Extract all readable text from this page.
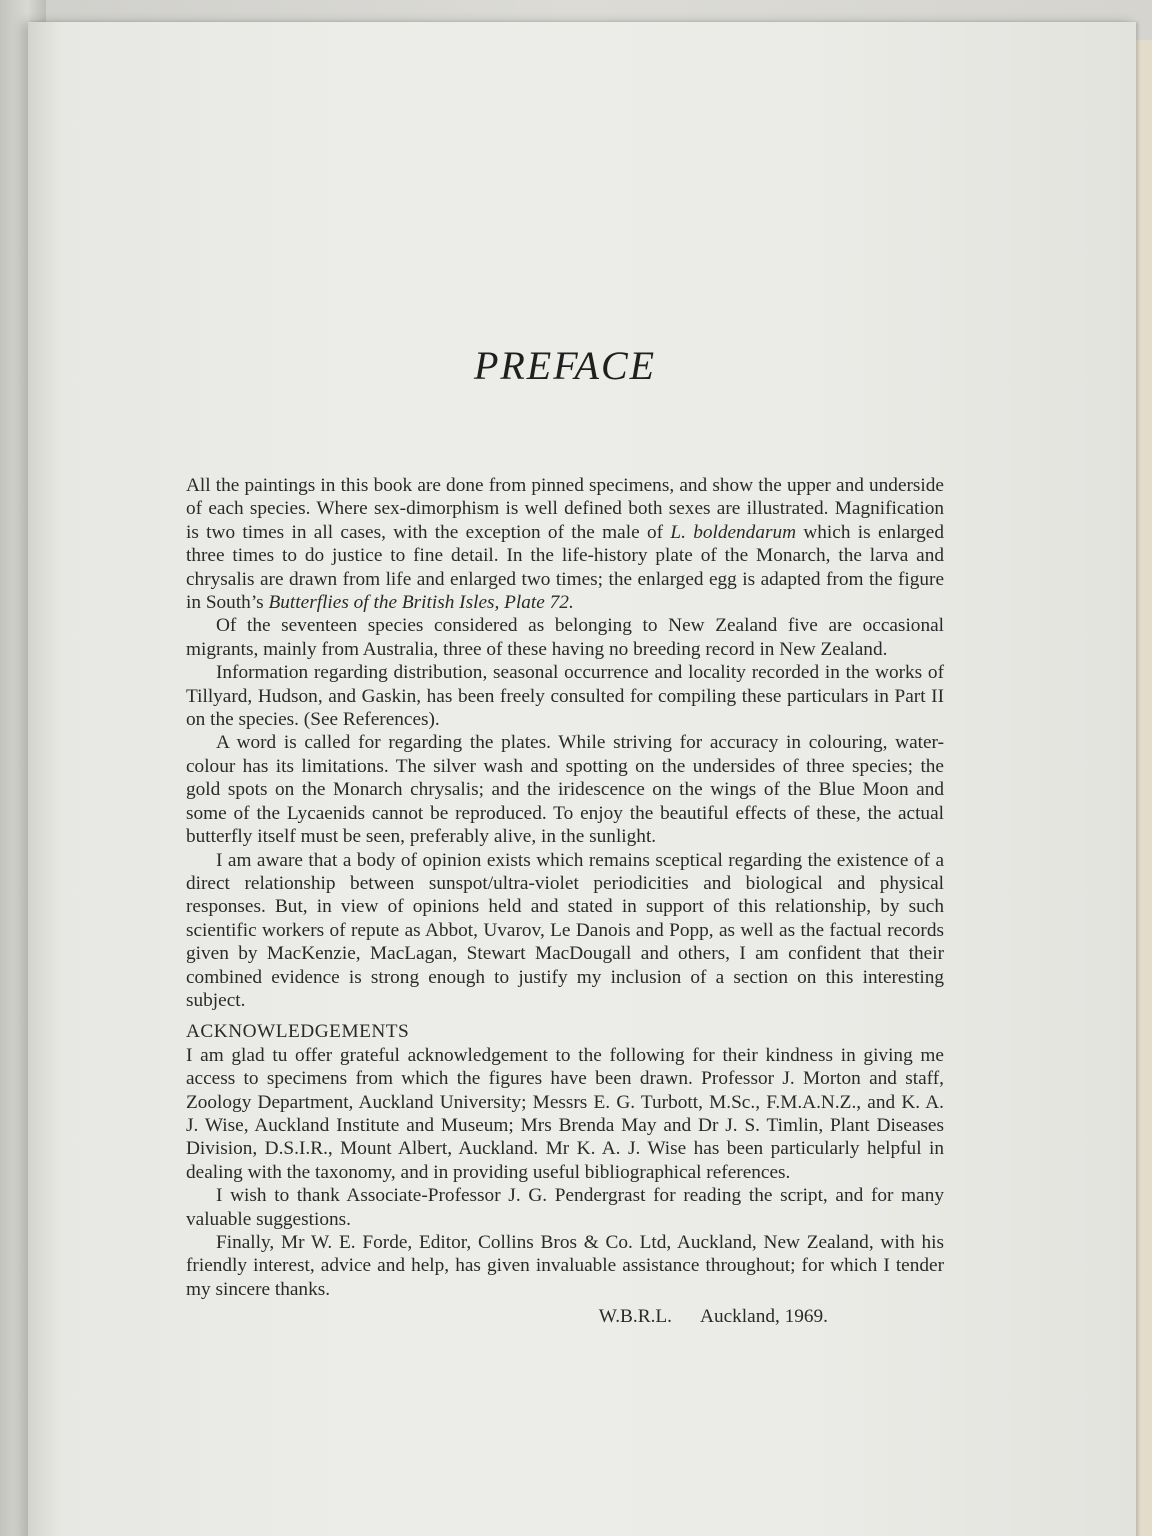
PREFACE

All the paintings in this book are done from pinned specimens, and show the upper and underside of each species. Where sex-dimorphism is well defined both sexes are illustrated. Magnification is two times in all cases, with the exception of the male of L. boldendarum which is enlarged three times to do justice to fine detail. In the life-history plate of the Monarch, the larva and chrysalis are drawn from life and enlarged two times; the enlarged egg is adapted from the figure in South’s Butterflies of the British Isles, Plate 72.

Of the seventeen species considered as belonging to New Zealand five are occasional migrants, mainly from Australia, three of these having no breeding record in New Zealand.

Information regarding distribution, seasonal occurrence and locality recorded in the works of Tillyard, Hudson, and Gaskin, has been freely consulted for compiling these particulars in Part II on the species. (See References).

A word is called for regarding the plates. While striving for accuracy in colouring, water-colour has its limitations. The silver wash and spotting on the undersides of three species; the gold spots on the Monarch chrysalis; and the iridescence on the wings of the Blue Moon and some of the Lycaenids cannot be reproduced. To enjoy the beautiful effects of these, the actual butterfly itself must be seen, preferably alive, in the sunlight.

I am aware that a body of opinion exists which remains sceptical regarding the existence of a direct relationship between sunspot/ultra-violet periodicities and biological and physical responses. But, in view of opinions held and stated in support of this relationship, by such scientific workers of repute as Abbot, Uvarov, Le Danois and Popp, as well as the factual records given by MacKenzie, MacLagan, Stewart MacDougall and others, I am confident that their combined evidence is strong enough to justify my inclusion of a section on this interesting subject.

ACKNOWLEDGEMENTS

I am glad tu offer grateful acknowledgement to the following for their kindness in giving me access to specimens from which the figures have been drawn. Professor J. Morton and staff, Zoology Department, Auckland University; Messrs E. G. Turbott, M.Sc., F.M.A.N.Z., and K. A. J. Wise, Auckland Institute and Museum; Mrs Brenda May and Dr J. S. Timlin, Plant Diseases Division, D.S.I.R., Mount Albert, Auckland. Mr K. A. J. Wise has been particularly helpful in dealing with the taxonomy, and in providing useful bibliographical references.

I wish to thank Associate-Professor J. G. Pendergrast for reading the script, and for many valuable suggestions.

Finally, Mr W. E. Forde, Editor, Collins Bros & Co. Ltd, Auckland, New Zealand, with his friendly interest, advice and help, has given invaluable assistance throughout; for which I tender my sincere thanks.

W.B.R.L. Auckland, 1969.
